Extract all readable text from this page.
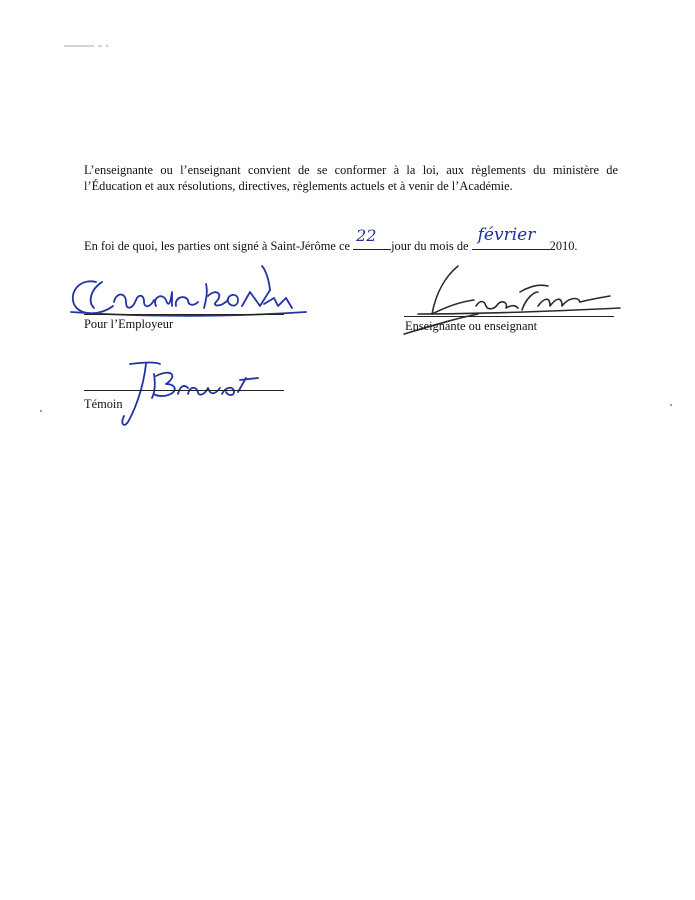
L’enseignante ou l’enseignant convient de se conformer à la loi, aux règlements du ministère de l’Éducation et aux résolutions, directives, règlements actuels et à venir de l’Académie.
En foi de quoi, les parties ont signé à Saint-Jérôme ce
22
jour du mois de
février
2010.
Pour l’Employeur	Enseignante ou enseignant
Témoin
